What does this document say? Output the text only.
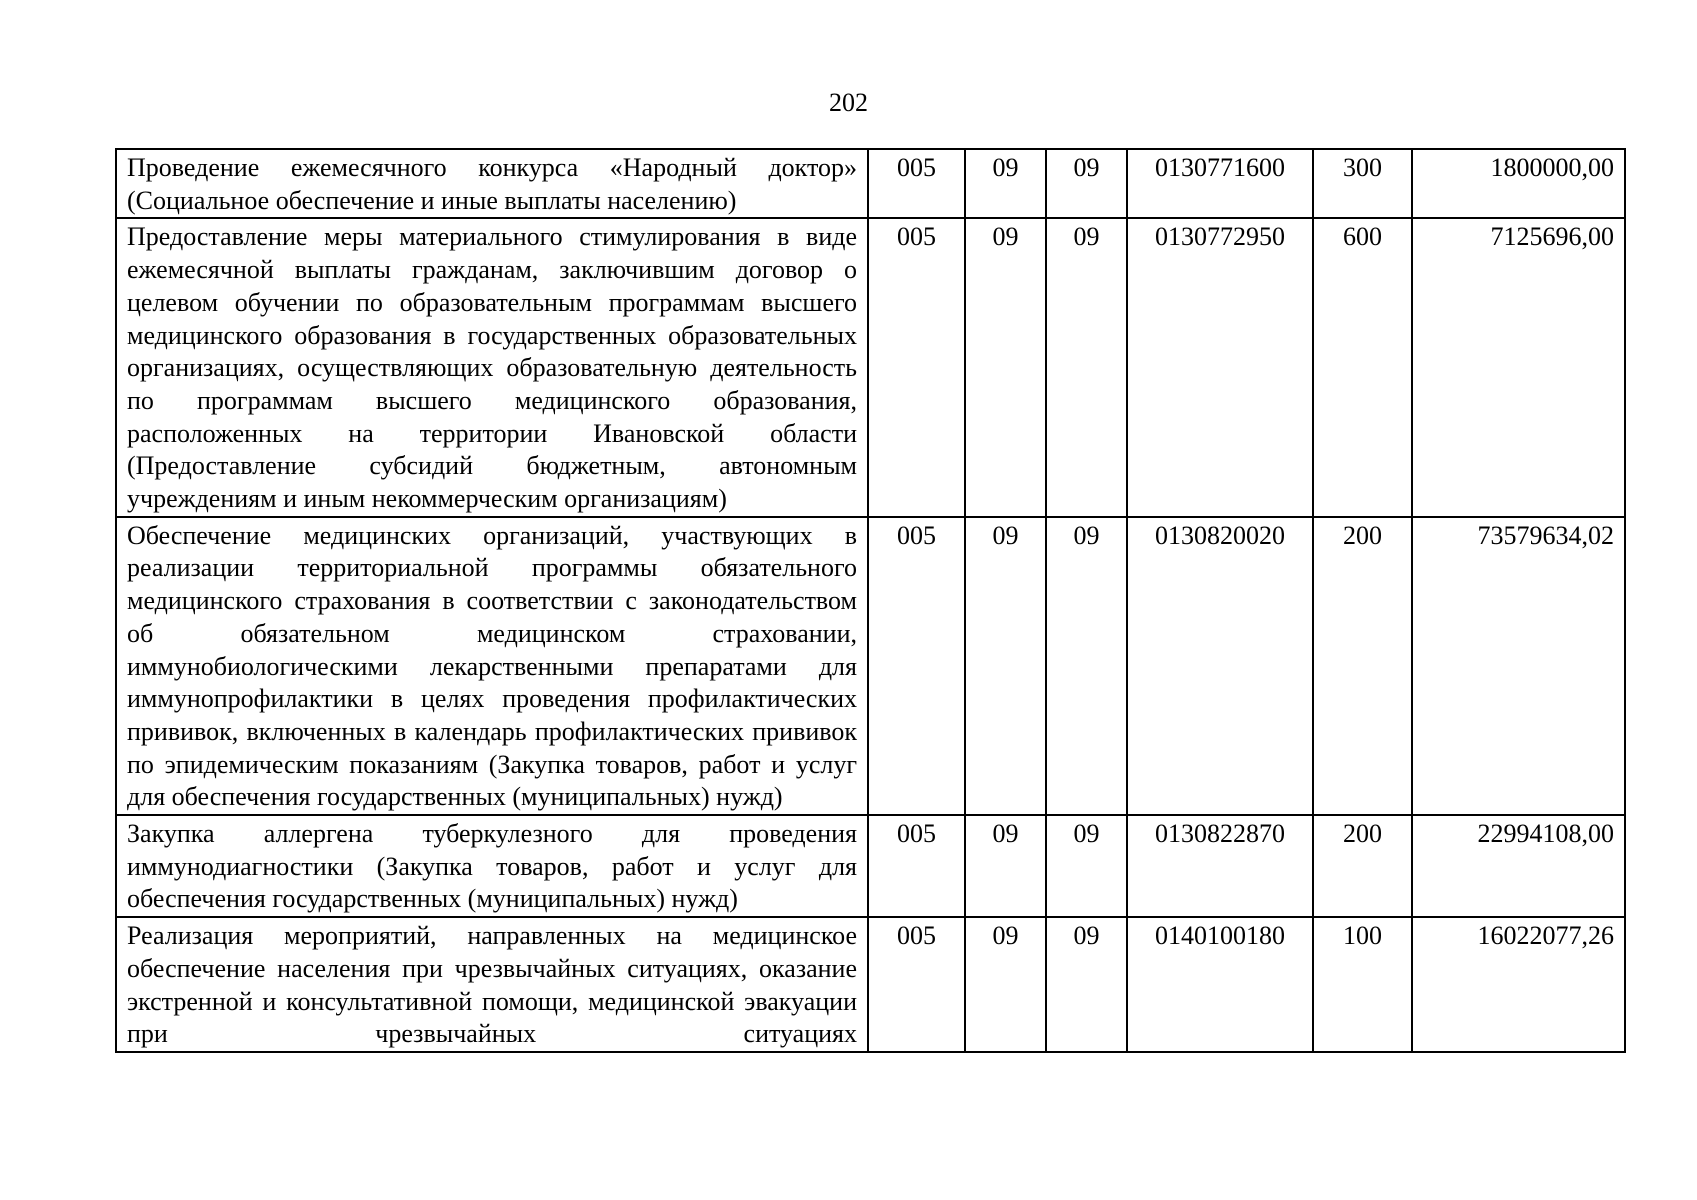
202
Проведение ежемесячного конкурса «Народный доктор» (Социальное обеспечение и иные выплаты населению)	005	09	09	0130771600	300	1800000,00
Предоставление меры материального стимулирования в виде ежемесячной выплаты гражданам, заключившим договор о целевом обучении по образовательным программам высшего медицинского образования в государственных образовательных организациях, осуществляющих образовательную деятельность по программам высшего медицинского образования, расположенных на территории Ивановской области (Предоставление субсидий бюджетным, автономным учреждениям и иным некоммерческим организациям)	005	09	09	0130772950	600	7125696,00
Обеспечение медицинских организаций, участвующих в реализации территориальной программы обязательного медицинского страхования в соответствии с законодательством об обязательном медицинском страховании, иммунобиологическими лекарственными препаратами для иммунопрофилактики в целях проведения профилактических прививок, включенных в календарь профилактических прививок по эпидемическим показаниям (Закупка товаров, работ и услуг для обеспечения государственных (муниципальных) нужд)	005	09	09	0130820020	200	73579634,02
Закупка аллергена туберкулезного для проведения иммунодиагностики (Закупка товаров, работ и услуг для обеспечения государственных (муниципальных) нужд)	005	09	09	0130822870	200	22994108,00
Реализация мероприятий, направленных на медицинское обеспечение населения при чрезвычайных ситуациях, оказание экстренной и консультативной помощи, медицинской эвакуации при чрезвычайных ситуациях	005	09	09	0140100180	100	16022077,26
